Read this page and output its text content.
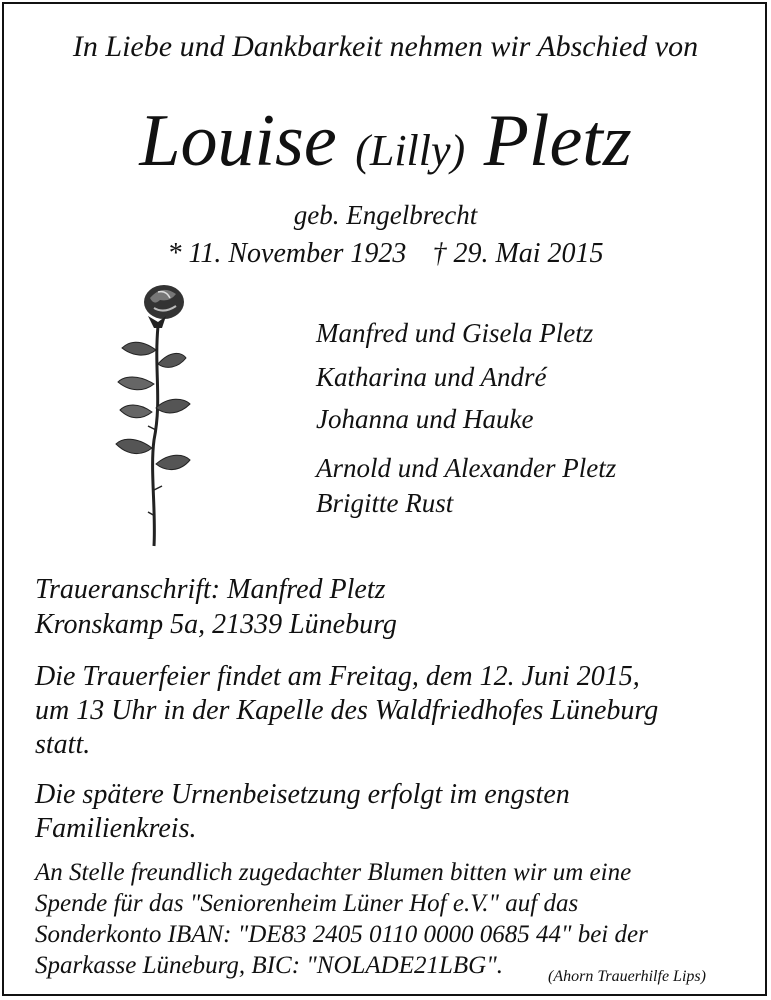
In Liebe und Dankbarkeit nehmen wir Abschied von
Louise (Lilly) Pletz
geb. Engelbrecht
* 11. November 1923 † 29. Mai 2015
Manfred und Gisela Pletz
Katharina und André
Johanna und Hauke
Arnold und Alexander Pletz
Brigitte Rust
Traueranschrift: Manfred Pletz
Kronskamp 5a, 21339 Lüneburg
Die Trauerfeier findet am Freitag, dem 12. Juni 2015,
um 13 Uhr in der Kapelle des Waldfriedhofes Lüneburg
statt.
Die spätere Urnenbeisetzung erfolgt im engsten
Familienkreis.
An Stelle freundlich zugedachter Blumen bitten wir um eine
Spende für das "Seniorenheim Lüner Hof e.V." auf das
Sonderkonto IBAN: "DE83 2405 0110 0000 0685 44" bei der
Sparkasse Lüneburg, BIC: "NOLADE21LBG".	(Ahorn Trauerhilfe Lips)
